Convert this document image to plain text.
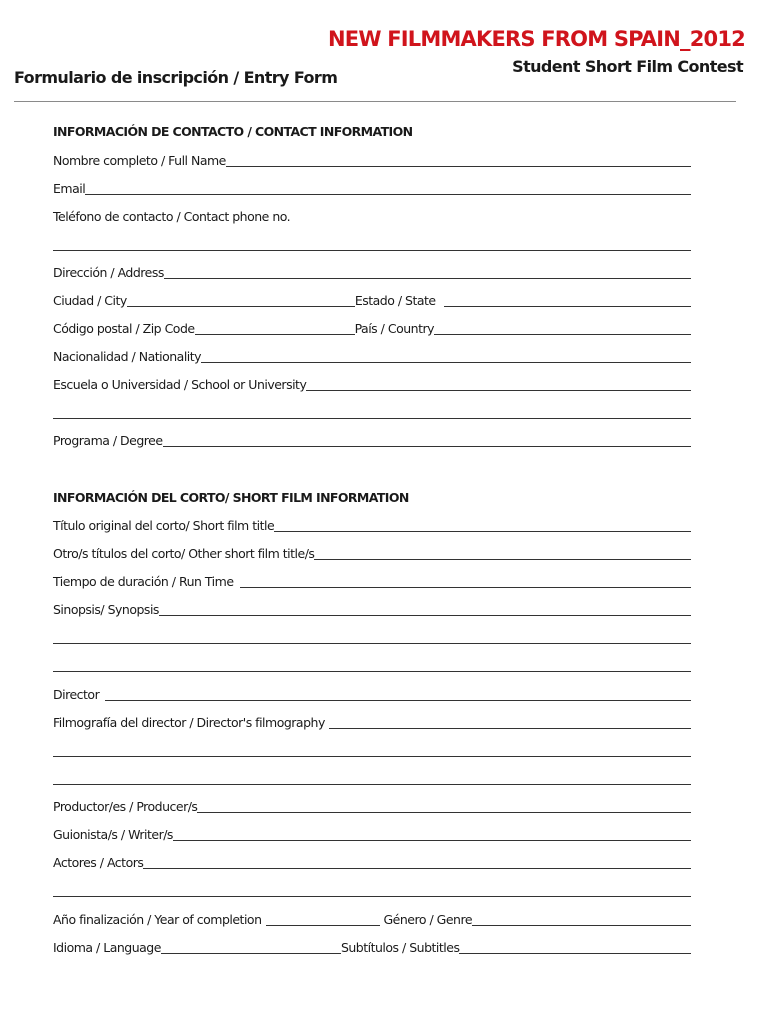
NEW FILMMAKERS FROM SPAIN_2012
Student Short Film Contest
Formulario de inscripción / Entry Form
INFORMACIÓN DE CONTACTO / CONTACT INFORMATION
Nombre completo / Full Name
Email
Teléfono de contacto / Contact phone no.
Dirección / Address
Ciudad / City	Estado / State
Código postal / Zip Code	País / Country
Nacionalidad / Nationality
Escuela o Universidad / School or University
Programa / Degree
INFORMACIÓN DEL CORTO/ SHORT FILM INFORMATION
Título original del corto/ Short film title
Otro/s títulos del corto/ Other short film title/s
Tiempo de duración / Run Time
Sinopsis/ Synopsis
Director
Filmografía del director / Director's filmography
Productor/es / Producer/s
Guionista/s / Writer/s
Actores / Actors
Año finalización / Year of completion	Género / Genre
Idioma / Language	Subtítulos / Subtitles
